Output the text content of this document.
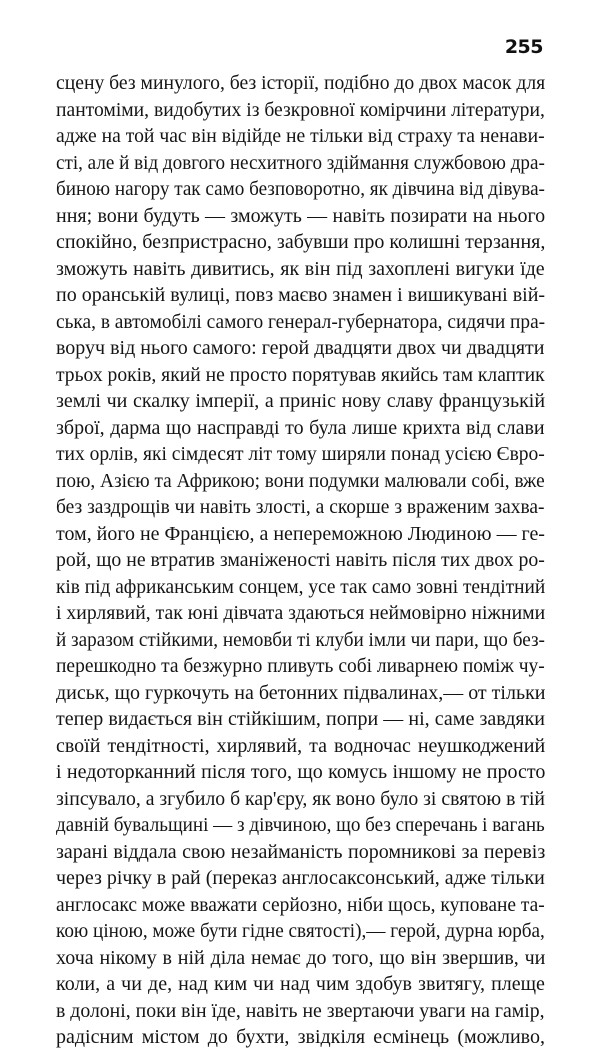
255
сцену без минулого, без історії, подібно до двох масок для
пантоміми, видобутих із безкровної комірчини літератури,
адже на той час він відійде не тільки від страху та ненави-
сті, але й від довгого несхитного здіймання службовою дра-
биною нагору так само безповоротно, як дівчина від дівува-
ння; вони будуть — зможуть — навіть позирати на нього
спокійно, безпристрасно, забувши про колишні терзання,
зможуть навіть дивитись, як він під захоплені вигуки їде
по оранській вулиці, повз маєво знамен і вишикувані вій-
ська, в автомобілі самого генерал-губернатора, сидячи пра-
воруч від нього самого: герой двадцяти двох чи двадцяти
трьох років, який не просто порятував якийсь там клаптик
землі чи скалку імперії, а приніс нову славу французькій
зброї, дарма що насправді то була лише крихта від слави
тих орлів, які сімдесят літ тому ширяли понад усією Євро-
пою, Азією та Африкою; вони подумки малювали собі, вже
без заздрощів чи навіть злості, а скорше з враженим захва-
том, його не Францією, а непереможною Людиною — ге-
рой, що не втратив зманіженості навіть після тих двох ро-
ків під африканським сонцем, усе так само зовні тендітний
і хирлявий, так юні дівчата здаються неймовірно ніжними
й заразом стійкими, немовби ті клуби імли чи пари, що без-
перешкодно та безжурно пливуть собі ливарнею поміж чу-
диськ, що гуркочуть на бетонних підвалинах,— от тільки
тепер видається він стійкішим, попри — ні, саме завдяки
своїй тендітності, хирлявий, та водночас неушкоджений
і недоторканний після того, що комусь іншому не просто
зіпсувало, а згубило б кар'єру, як воно було зі святою в тій
давній бувальщині — з дівчиною, що без сперечань і вагань
зарані віддала свою незайманість поромникові за перевіз
через річку в рай (переказ англосаксонський, адже тільки
англосакс може вважати серйозно, ніби щось, куповане та-
кою ціною, може бути гідне святості),— герой, дурна юрба,
хоча нікому в ній діла немає до того, що він звершив, чи
коли, а чи де, над ким чи над чим здобув звитягу, плеще
в долоні, поки він їде, навіть не звертаючи уваги на гамір,
радісним містом до бухти, звідкіля есмінець (можливо,
